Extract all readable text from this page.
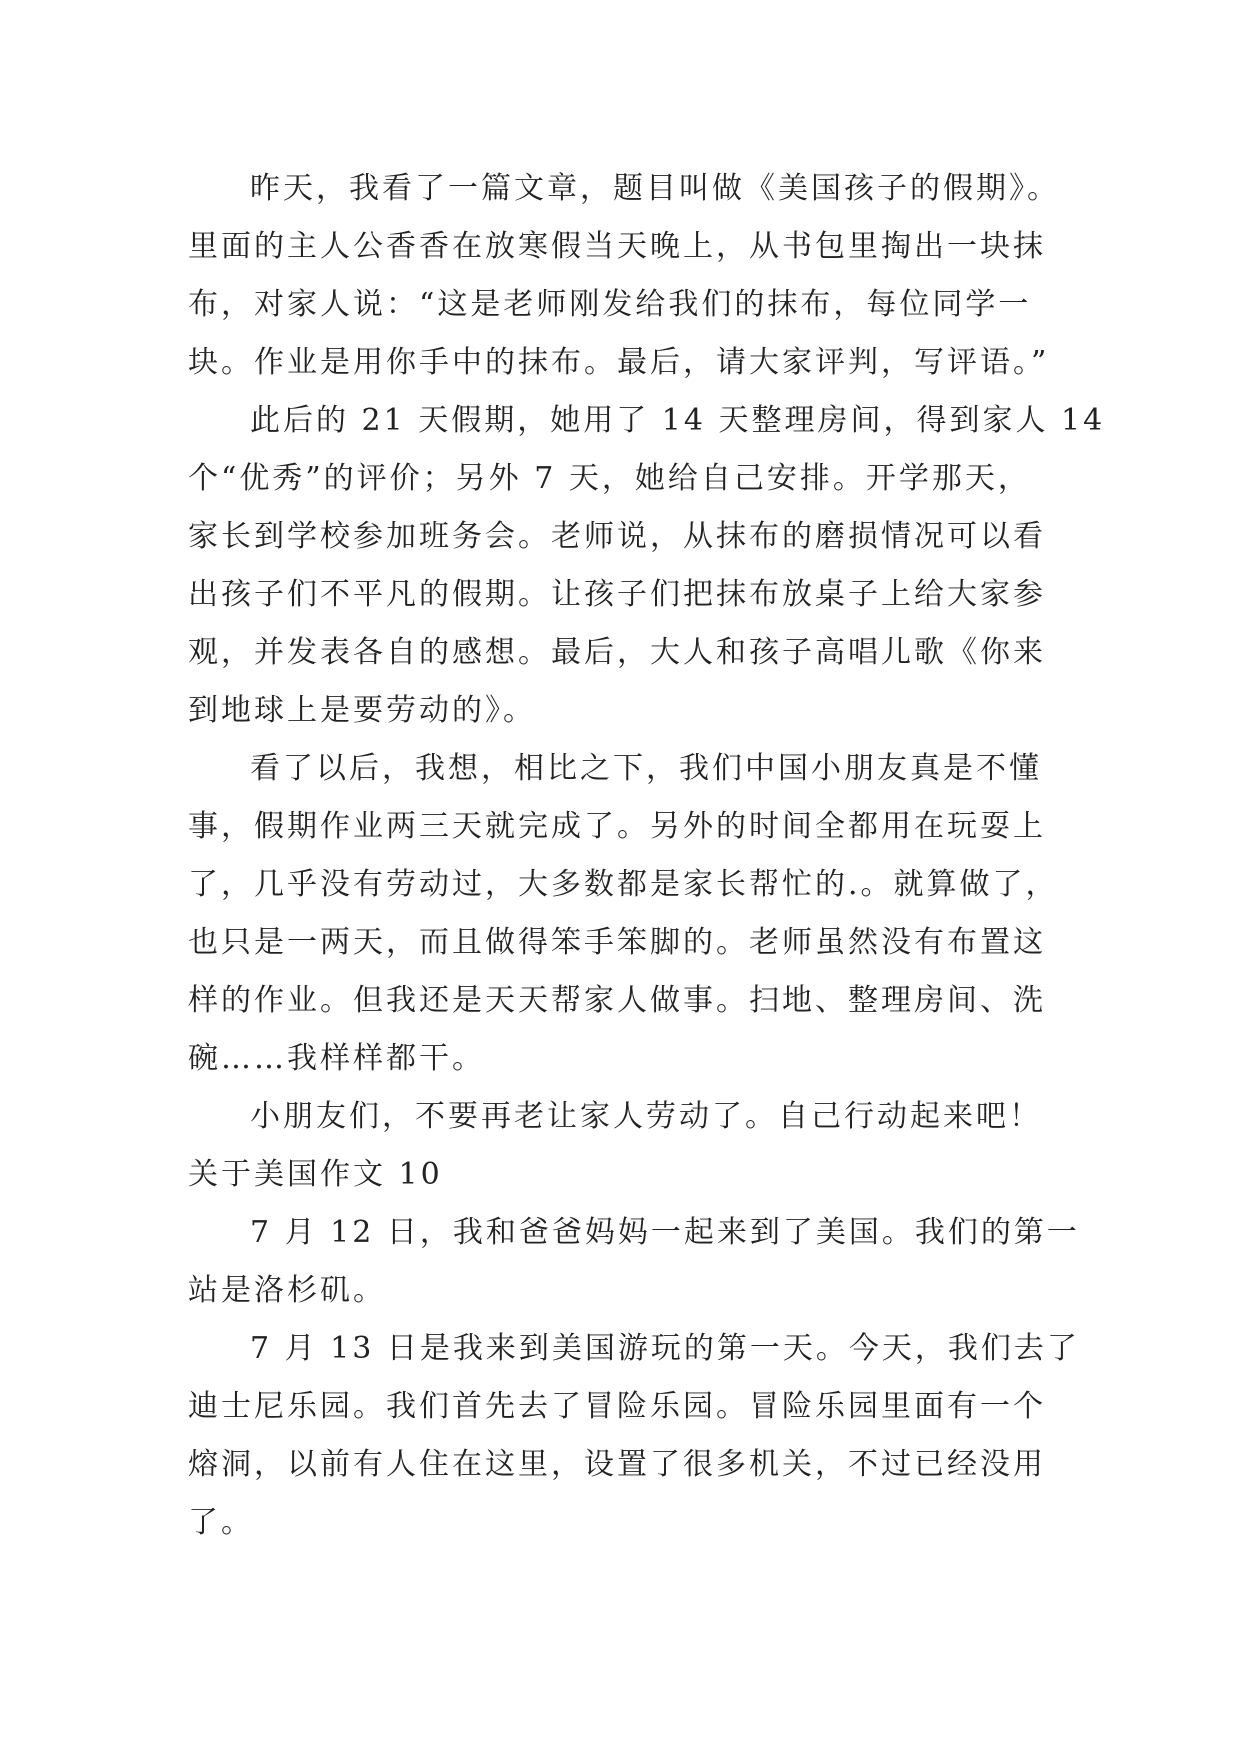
昨天，我看了一篇文章，题目叫做《美国孩子的假期》。
里面的主人公香香在放寒假当天晚上，从书包里掏出一块抹
布，对家人说：“这是老师刚发给我们的抹布，每位同学一
块。作业是用你手中的抹布。最后，请大家评判，写评语。”
此后的 21 天假期，她用了 14 天整理房间，得到家人 14
个“优秀”的评价；另外 7 天，她给自己安排。开学那天，
家长到学校参加班务会。老师说，从抹布的磨损情况可以看
出孩子们不平凡的假期。让孩子们把抹布放桌子上给大家参
观，并发表各自的感想。最后，大人和孩子高唱儿歌《你来
到地球上是要劳动的》。
看了以后，我想，相比之下，我们中国小朋友真是不懂
事，假期作业两三天就完成了。另外的时间全都用在玩耍上
了，几乎没有劳动过，大多数都是家长帮忙的.。就算做了，
也只是一两天，而且做得笨手笨脚的。老师虽然没有布置这
样的作业。但我还是天天帮家人做事。扫地、整理房间、洗
碗……我样样都干。
小朋友们，不要再老让家人劳动了。自己行动起来吧！
关于美国作文 10
7 月 12 日，我和爸爸妈妈一起来到了美国。我们的第一
站是洛杉矶。
7 月 13 日是我来到美国游玩的第一天。今天，我们去了
迪士尼乐园。我们首先去了冒险乐园。冒险乐园里面有一个
熔洞，以前有人住在这里，设置了很多机关，不过已经没用
了。
